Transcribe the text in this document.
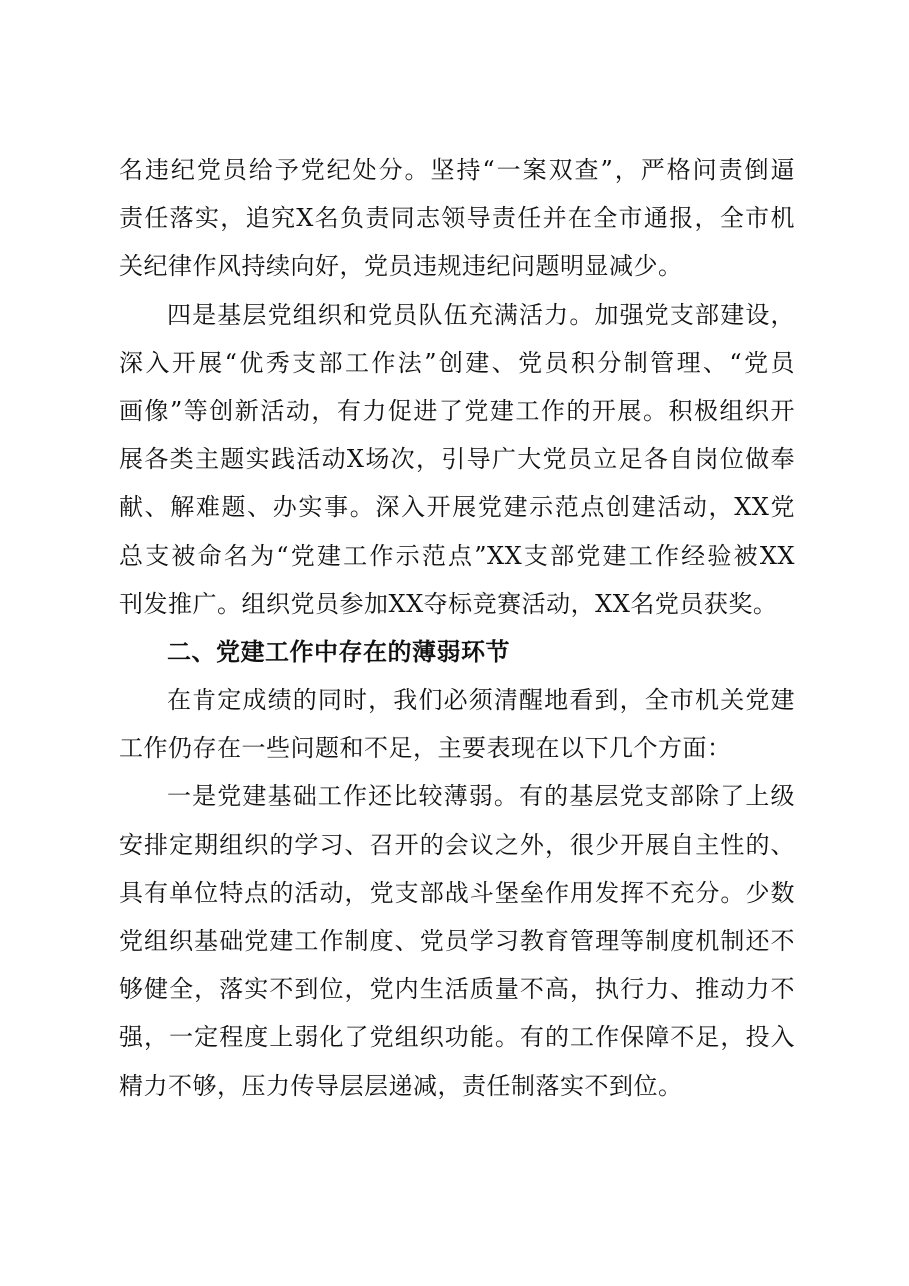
名违纪党员给予党纪处分。坚持“一案双查”，严格问责倒逼
责任落实，追究X名负责同志领导责任并在全市通报，全市机
关纪律作风持续向好，党员违规违纪问题明显减少。
四是基层党组织和党员队伍充满活力。加强党支部建设，
深入开展“优秀支部工作法”创建、党员积分制管理、“党员
画像”等创新活动，有力促进了党建工作的开展。积极组织开
展各类主题实践活动X场次，引导广大党员立足各自岗位做奉
献、解难题、办实事。深入开展党建示范点创建活动，XX党
总支被命名为“党建工作示范点”XX支部党建工作经验被XX
刊发推广。组织党员参加XX夺标竞赛活动，XX名党员获奖。
二、党建工作中存在的薄弱环节
在肯定成绩的同时，我们必须清醒地看到，全市机关党建
工作仍存在一些问题和不足，主要表现在以下几个方面：
一是党建基础工作还比较薄弱。有的基层党支部除了上级
安排定期组织的学习、召开的会议之外，很少开展自主性的、
具有单位特点的活动，党支部战斗堡垒作用发挥不充分。少数
党组织基础党建工作制度、党员学习教育管理等制度机制还不
够健全，落实不到位，党内生活质量不高，执行力、推动力不
强，一定程度上弱化了党组织功能。有的工作保障不足，投入
精力不够，压力传导层层递减，责任制落实不到位。
